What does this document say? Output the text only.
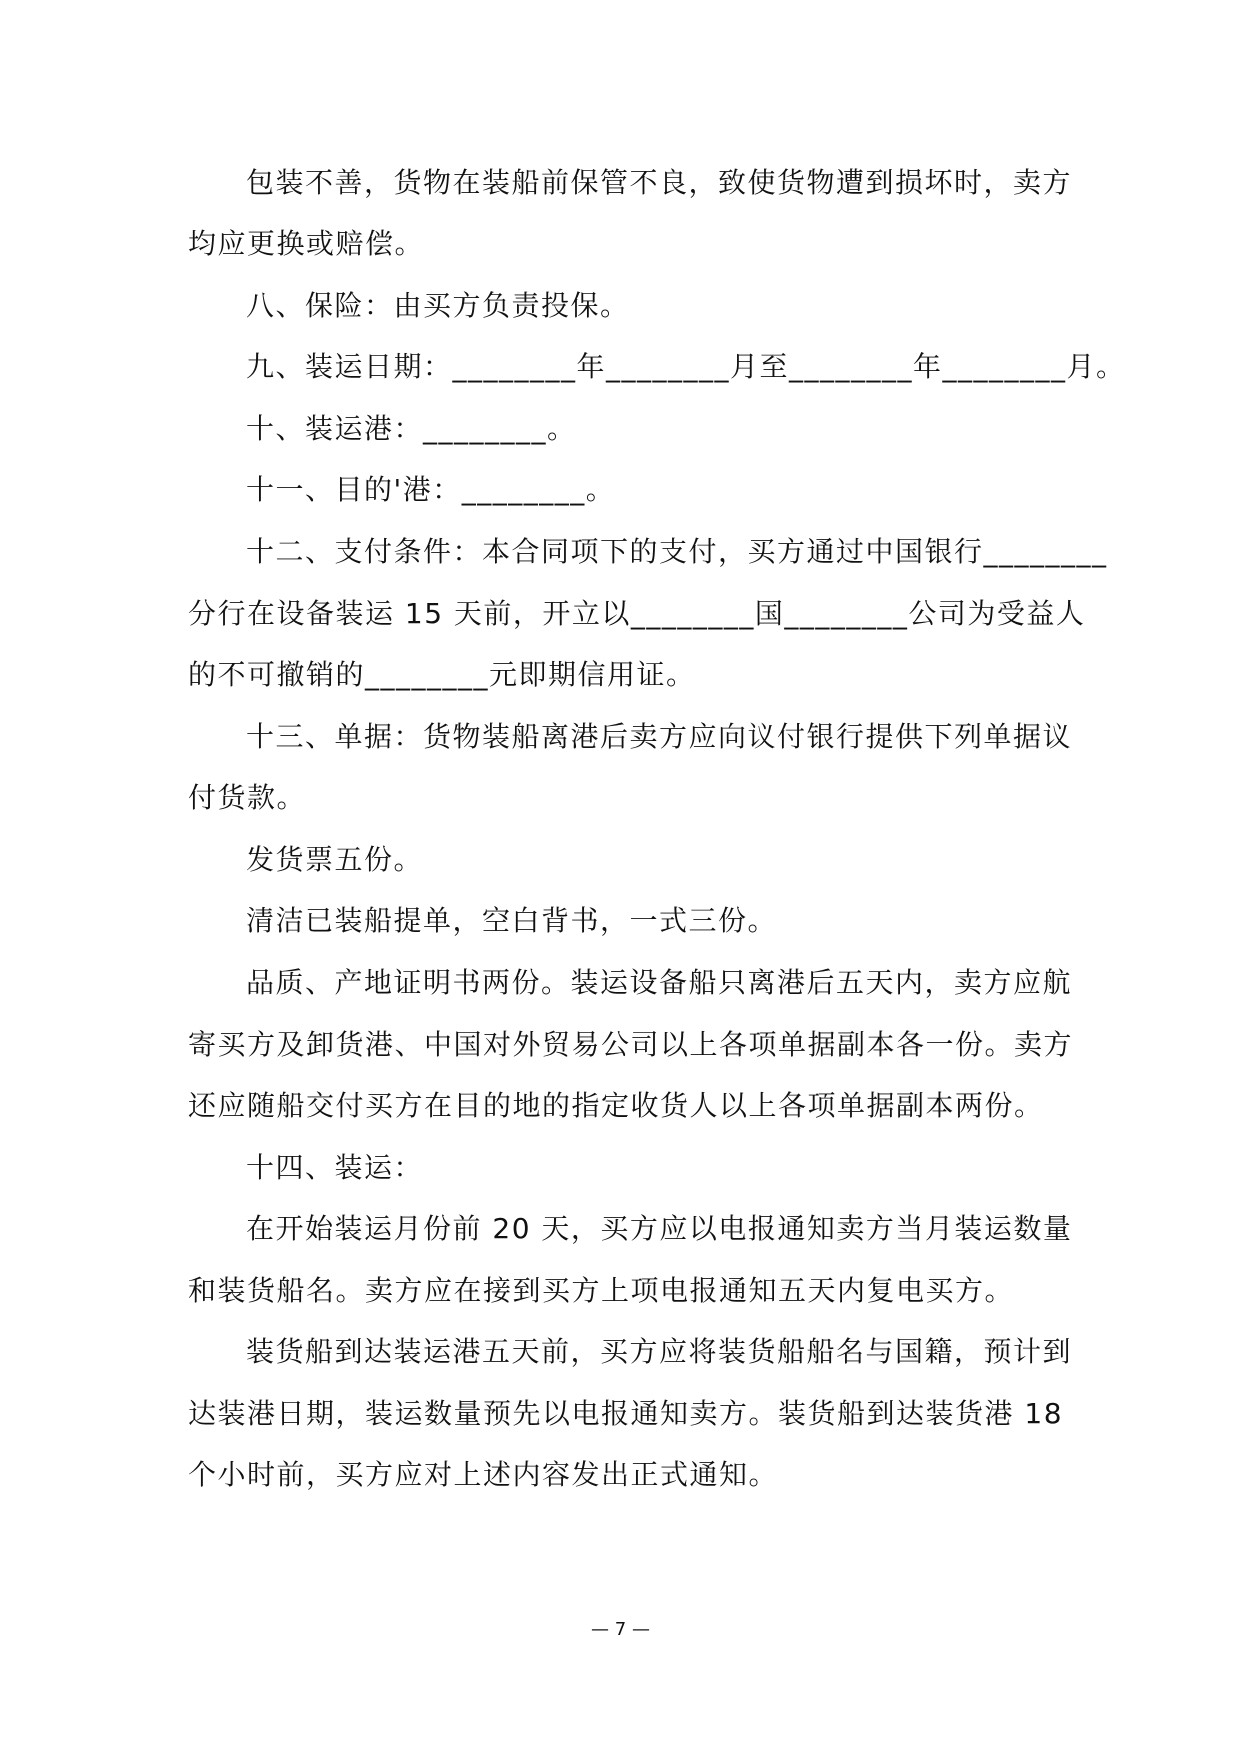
包装不善，货物在装船前保管不良，致使货物遭到损坏时，卖方
均应更换或赔偿。
八、保险：由买方负责投保。
九、装运日期：________年________月至________年________月。
十、装运港：________。
十一、目的'港：________。
十二、支付条件：本合同项下的支付，买方通过中国银行________
分行在设备装运 15 天前，开立以________国________公司为受益人
的不可撤销的________元即期信用证。
十三、单据：货物装船离港后卖方应向议付银行提供下列单据议
付货款。
发货票五份。
清洁已装船提单，空白背书，一式三份。
品质、产地证明书两份。装运设备船只离港后五天内，卖方应航
寄买方及卸货港、中国对外贸易公司以上各项单据副本各一份。卖方
还应随船交付买方在目的地的指定收货人以上各项单据副本两份。
十四、装运：
在开始装运月份前 20 天，买方应以电报通知卖方当月装运数量
和装货船名。卖方应在接到买方上项电报通知五天内复电买方。
装货船到达装运港五天前，买方应将装货船船名与国籍，预计到
达装港日期，装运数量预先以电报通知卖方。装货船到达装货港 18
个小时前，买方应对上述内容发出正式通知。
— 7 —
